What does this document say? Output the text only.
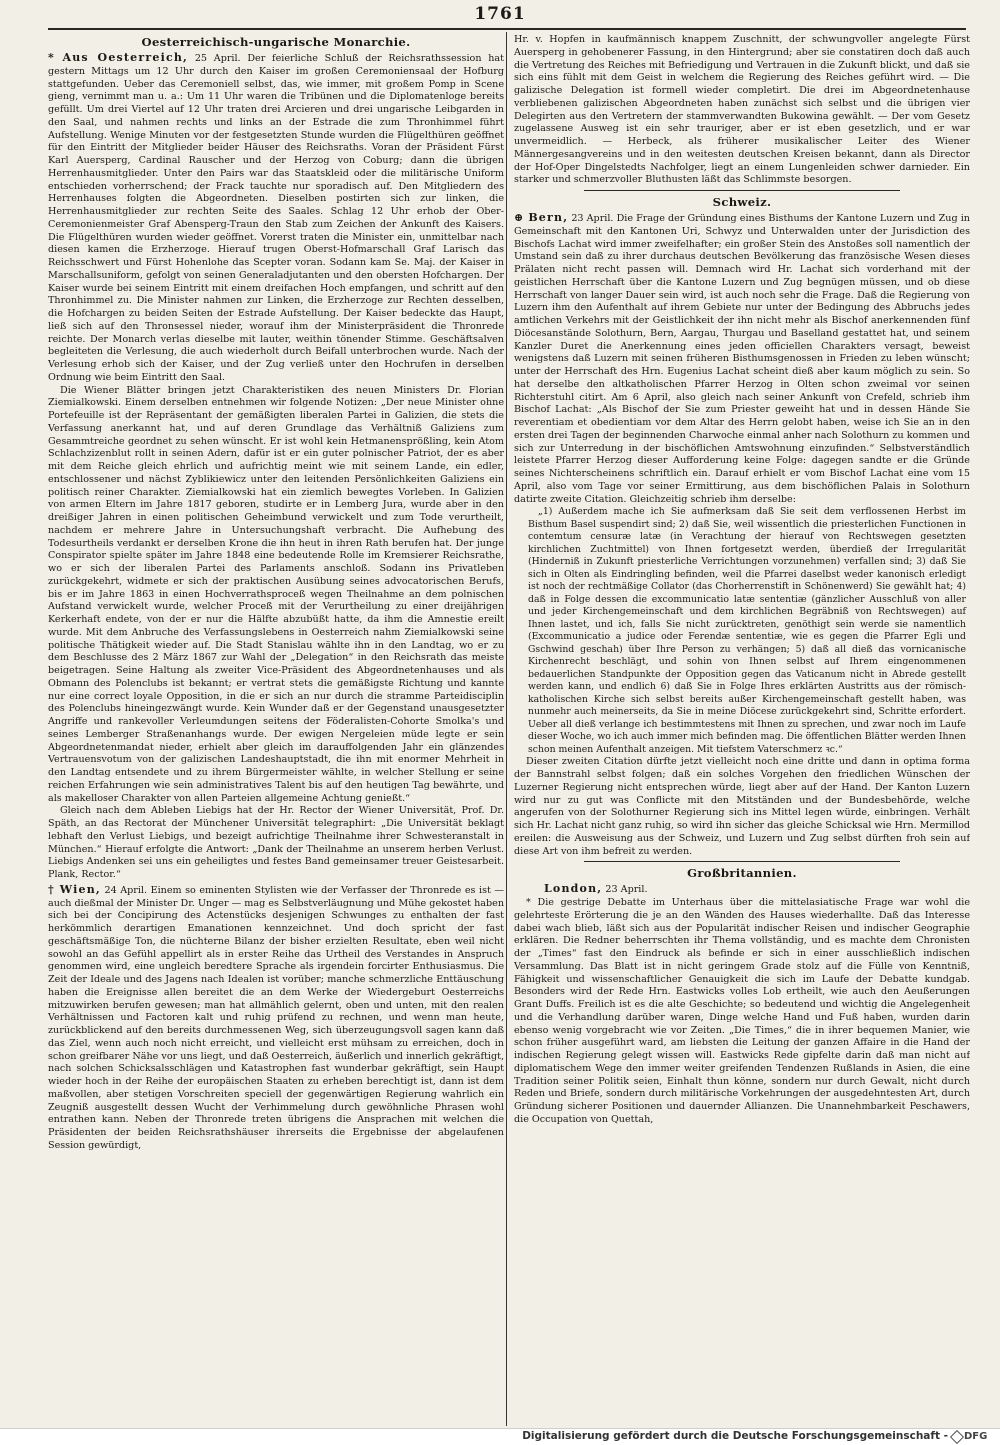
1761
Oesterreichisch-ungarische Monarchie.

* Aus Oesterreich, 25 April. Der feierliche Schluß der Reichsrathssession hat gestern Mittags um 12 Uhr durch den Kaiser im großen Ceremoniensaal der Hofburg stattgefunden. Ueber das Ceremoniell selbst, das, wie immer, mit großem Pomp in Scene gieng, vernimmt man u. a.: Um 11 Uhr waren die Tribünen und die Diplomatenloge bereits gefüllt. Um drei Viertel auf 12 Uhr traten drei Arcieren und drei ungarische Leibgarden in den Saal, und nahmen rechts und links an der Estrade die zum Thronhimmel führt Aufstellung. Wenige Minuten vor der festgesetzten Stunde wurden die Flügelthüren geöffnet für den Eintritt der Mitglieder beider Häuser des Reichsraths. Voran der Präsident Fürst Karl Auersperg, Cardinal Rauscher und der Herzog von Coburg; dann die übrigen Herrenhausmitglieder. Unter den Pairs war das Staatskleid oder die militärische Uniform entschieden vorherrschend; der Frack tauchte nur sporadisch auf. Den Mitgliedern des Herrenhauses folgten die Abgeordneten. Dieselben postirten sich zur linken, die Herrenhausmitglieder zur rechten Seite des Saales. Schlag 12 Uhr erhob der Ober-Ceremonienmeister Graf Abensperg-Traun den Stab zum Zeichen der Ankunft des Kaisers. Die Flügelthüren wurden wieder geöffnet. Vorerst traten die Minister ein, unmittelbar nach diesen kamen die Erzherzoge. Hierauf trugen Oberst-Hofmarschall Graf Larisch das Reichsschwert und Fürst Hohenlohe das Scepter voran. Sodann kam Se. Maj. der Kaiser in Marschallsuniform, gefolgt von seinen Generaladjutanten und den obersten Hofchargen. Der Kaiser wurde bei seinem Eintritt mit einem dreifachen Hoch empfangen, und schritt auf den Thronhimmel zu. Die Minister nahmen zur Linken, die Erzherzoge zur Rechten desselben, die Hofchargen zu beiden Seiten der Estrade Aufstellung. Der Kaiser bedeckte das Haupt, ließ sich auf den Thronsessel nieder, worauf ihm der Ministerpräsident die Thronrede reichte. Der Monarch verlas dieselbe mit lauter, weithin tönender Stimme. Geschäftsalven begleiteten die Verlesung, die auch wiederholt durch Beifall unterbrochen wurde. Nach der Verlesung erhob sich der Kaiser, und der Zug verließ unter den Hochrufen in derselben Ordnung wie beim Eintritt den Saal.

Die Wiener Blätter bringen jetzt Charakteristiken des neuen Ministers Dr. Florian Ziemialkowski. Einem derselben entnehmen wir folgende Notizen: „Der neue Minister ohne Portefeuille ist der Repräsentant der gemäßigten liberalen Partei in Galizien, die stets die Verfassung anerkannt hat, und auf deren Grundlage das Verhältniß Galiziens zum Gesammtreiche geordnet zu sehen wünscht. Er ist wohl kein Hetmanensprößling, kein Atom Schlachzizenblut rollt in seinen Adern, dafür ist er ein guter polnischer Patriot, der es aber mit dem Reiche gleich ehrlich und aufrichtig meint wie mit seinem Lande, ein edler, entschlossener und nächst Zyblikiewicz unter den leitenden Persönlichkeiten Galiziens ein politisch reiner Charakter. Ziemialkowski hat ein ziemlich bewegtes Vorleben. In Galizien von armen Eltern im Jahre 1817 geboren, studirte er in Lemberg Jura, wurde aber in den dreißiger Jahren in einen politischen Geheimbund verwickelt und zum Tode verurtheilt, nachdem er mehrere Jahre in Untersuchungshaft verbracht. Die Aufhebung des Todesurtheils verdankt er derselben Krone die ihn heut in ihren Rath berufen hat. Der junge Conspirator spielte später im Jahre 1848 eine bedeutende Rolle im Kremsierer Reichsrathe, wo er sich der liberalen Partei des Parlaments anschloß. Sodann ins Privatleben zurückgekehrt, widmete er sich der praktischen Ausübung seines advocatorischen Berufs, bis er im Jahre 1863 in einen Hochverrathsproceß wegen Theilnahme an dem polnischen Aufstand verwickelt wurde, welcher Proceß mit der Verurtheilung zu einer dreijährigen Kerkerhaft endete, von der er nur die Hälfte abzubüßt hatte, da ihm die Amnestie ereilt wurde. Mit dem Anbruche des Verfassungslebens in Oesterreich nahm Ziemialkowski seine politische Thätigkeit wieder auf. Die Stadt Stanislau wählte ihn in den Landtag, wo er zu dem Beschlusse des 2 März 1867 zur Wahl der „Delegation“ in den Reichsrath das meiste beigetragen. Seine Haltung als zweiter Vice-Präsident des Abgeordnetenhauses und als Obmann des Polenclubs ist bekannt; er vertrat stets die gemäßigste Richtung und kannte nur eine correct loyale Opposition, in die er sich an nur durch die stramme Parteidisciplin des Polenclubs hineingezwängt wurde. Kein Wunder daß er der Gegenstand unausgesetzter Angriffe und rankevoller Verleumdungen seitens der Föderalisten-Cohorte Smolka's und seines Lemberger Straßenanhangs wurde. Der ewigen Nergeleien müde legte er sein Abgeordnetenmandat nieder, erhielt aber gleich im darauffolgenden Jahr ein glänzendes Vertrauensvotum von der galizischen Landeshauptstadt, die ihn mit enormer Mehrheit in den Landtag entsendete und zu ihrem Bürgermeister wählte, in welcher Stellung er seine reichen Erfahrungen wie sein administratives Talent bis auf den heutigen Tag bewährte, und als makelloser Charakter von allen Parteien allgemeine Achtung genießt.“

Gleich nach dem Ableben Liebigs hat der Hr. Rector der Wiener Universität, Prof. Dr. Späth, an das Rectorat der Münchener Universität telegraphirt: „Die Universität beklagt lebhaft den Verlust Liebigs, und bezeigt aufrichtige Theilnahme ihrer Schwesteranstalt in München.“ Hierauf erfolgte die Antwort: „Dank der Theilnahme an unserem herben Verlust. Liebigs Andenken sei uns ein geheiligtes und festes Band gemeinsamer treuer Geistesarbeit. Plank, Rector.“

† Wien, 24 April. Einem so eminenten Stylisten wie der Verfasser der Thronrede es ist — auch dießmal der Minister Dr. Unger — mag es Selbstverläugnung und Mühe gekostet haben sich bei der Concipirung des Actenstücks desjenigen Schwunges zu enthalten der fast herkömmlich derartigen Emanationen kennzeichnet. Und doch spricht der fast geschäftsmäßige Ton, die nüchterne Bilanz der bisher erzielten Resultate, eben weil nicht sowohl an das Gefühl appellirt als in erster Reihe das Urtheil des Verstandes in Anspruch genommen wird, eine ungleich beredtere Sprache als irgendein forcirter Enthusiasmus. Die Zeit der Ideale und des Jagens nach Idealen ist vorüber; manche schmerzliche Enttäuschung haben die Ereignisse allen bereitet die an dem Werke der Wiedergeburt Oesterreichs mitzuwirken berufen gewesen; man hat allmählich gelernt, oben und unten, mit den realen Verhältnissen und Factoren kalt und ruhig prüfend zu rechnen, und wenn man heute, zurückblickend auf den bereits durchmessenen Weg, sich überzeugungsvoll sagen kann daß das Ziel, wenn auch noch nicht erreicht, und vielleicht erst mühsam zu erreichen, doch in schon greifbarer Nähe vor uns liegt, und daß Oesterreich, äußerlich und innerlich gekräftigt, nach solchen Schicksalsschlägen und Katastrophen fast wunderbar gekräftigt, sein Haupt wieder hoch in der Reihe der europäischen Staaten zu erheben berechtigt ist, dann ist dem maßvollen, aber stetigen Vorschreiten speciell der gegenwärtigen Regierung wahrlich ein Zeugniß ausgestellt dessen Wucht der Verhimmelung durch gewöhnliche Phrasen wohl entrathen kann. Neben der Thronrede treten übrigens die Ansprachen mit welchen die Präsidenten der beiden Reichsrathshäuser ihrerseits die Ergebnisse der abgelaufenen Session gewürdigt,

Hr. v. Hopfen in kaufmännisch knappem Zuschnitt, der schwungvoller angelegte Fürst Auersperg in gehobenerer Fassung, in den Hintergrund; aber sie constatiren doch daß auch die Vertretung des Reiches mit Befriedigung und Vertrauen in die Zukunft blickt, und daß sie sich eins fühlt mit dem Geist in welchem die Regierung des Reiches geführt wird. — Die galizische Delegation ist formell wieder completirt. Die drei im Abgeordnetenhause verbliebenen galizischen Abgeordneten haben zunächst sich selbst und die übrigen vier Delegirten aus den Vertretern der stammverwandten Bukowina gewählt. — Der vom Gesetz zugelassene Ausweg ist ein sehr trauriger, aber er ist eben gesetzlich, und er war unvermeidlich. — Herbeck, als früherer musikalischer Leiter des Wiener Männergesangvereins und in den weitesten deutschen Kreisen bekannt, dann als Director der Hof-Oper Dingelstedts Nachfolger, liegt an einem Lungenleiden schwer darnieder. Ein starker und schmerzvoller Bluthusten läßt das Schlimmste besorgen.

Schweiz.

⊕ Bern, 23 April. Die Frage der Gründung eines Bisthums der Kantone Luzern und Zug in Gemeinschaft mit den Kantonen Uri, Schwyz und Unterwalden unter der Jurisdiction des Bischofs Lachat wird immer zweifelhafter; ein großer Stein des Anstoßes soll namentlich der Umstand sein daß zu ihrer durchaus deutschen Bevölkerung das französische Wesen dieses Prälaten nicht recht passen will. Demnach wird Hr. Lachat sich vorderhand mit der geistlichen Herrschaft über die Kantone Luzern und Zug begnügen müssen, und ob diese Herrschaft von langer Dauer sein wird, ist auch noch sehr die Frage. Daß die Regierung von Luzern ihm den Aufenthalt auf ihrem Gebiete nur unter der Bedingung des Abbruchs jedes amtlichen Verkehrs mit der Geistlichkeit der ihn nicht mehr als Bischof anerkennenden fünf Diöcesanstände Solothurn, Bern, Aargau, Thurgau und Baselland gestattet hat, und seinem Kanzler Duret die Anerkennung eines jeden officiellen Charakters versagt, beweist wenigstens daß Luzern mit seinen früheren Bisthumsgenossen in Frieden zu leben wünscht; unter der Herrschaft des Hrn. Eugenius Lachat scheint dieß aber kaum möglich zu sein. So hat derselbe den altkatholischen Pfarrer Herzog in Olten schon zweimal vor seinen Richterstuhl citirt. Am 6 April, also gleich nach seiner Ankunft von Crefeld, schrieb ihm Bischof Lachat: „Als Bischof der Sie zum Priester geweiht hat und in dessen Hände Sie reverentiam et obedientiam vor dem Altar des Herrn gelobt haben, weise ich Sie an in den ersten drei Tagen der beginnenden Charwoche einmal anher nach Solothurn zu kommen und sich zur Unterredung in der bischöflichen Amtswohnung einzufinden.“ Selbstverständlich leistete Pfarrer Herzog dieser Aufforderung keine Folge: dagegen sandte er die Gründe seines Nichterscheinens schriftlich ein. Darauf erhielt er vom Bischof Lachat eine vom 15 April, also vom Tage vor seiner Ermittirung, aus dem bischöflichen Palais in Solothurn datirte zweite Citation. Gleichzeitig schrieb ihm derselbe:

„1) Außerdem mache ich Sie aufmerksam daß Sie seit dem verflossenen Herbst im Bisthum Basel suspendirt sind; 2) daß Sie, weil wissentlich die priesterlichen Functionen in contemtum censuræ latæ (in Verachtung der hierauf von Rechtswegen gesetzten kirchlichen Zuchtmittel) von Ihnen fortgesetzt werden, überdieß der Irregularität (Hinderniß in Zukunft priesterliche Verrichtungen vorzunehmen) verfallen sind; 3) daß Sie sich in Olten als Eindringling befinden, weil die Pfarrei daselbst weder kanonisch erledigt ist noch der rechtmäßige Collator (das Chorherrenstift in Schönenwerd) Sie gewählt hat; 4) daß in Folge dessen die excommunicatio latæ sententiæ (gänzlicher Ausschluß von aller und jeder Kirchengemeinschaft und dem kirchlichen Begräbniß von Rechtswegen) auf Ihnen lastet, und ich, falls Sie nicht zurücktreten, genöthigt sein werde sie namentlich (Excommunicatio a judice oder Ferendæ sententiæ, wie es gegen die Pfarrer Egli und Gschwind geschah) über Ihre Person zu verhängen; 5) daß all dieß das vornicanische Kirchenrecht beschlägt, und sohin von Ihnen selbst auf Ihrem eingenommenen bedauerlichen Standpunkte der Opposition gegen das Vaticanum nicht in Abrede gestellt werden kann, und endlich 6) daß Sie in Folge Ihres erklärten Austritts aus der römisch-katholischen Kirche sich selbst bereits außer Kirchengemeinschaft gestellt haben, was nunmehr auch meinerseits, da Sie in meine Diöcese zurückgekehrt sind, Schritte erfordert. Ueber all dieß verlange ich bestimmtestens mit Ihnen zu sprechen, und zwar noch im Laufe dieser Woche, wo ich auch immer mich befinden mag. Die öffentlichen Blätter werden Ihnen schon meinen Aufenthalt anzeigen. Mit tiefstem Vaterschmerz ꝛc.“

Dieser zweiten Citation dürfte jetzt vielleicht noch eine dritte und dann in optima forma der Bannstrahl selbst folgen; daß ein solches Vorgehen den friedlichen Wünschen der Luzerner Regierung nicht entsprechen würde, liegt aber auf der Hand. Der Kanton Luzern wird nur zu gut was Conflicte mit den Mitständen und der Bundesbehörde, welche angerufen von der Solothurner Regierung sich ins Mittel legen würde, einbringen. Verhält sich Hr. Lachat nicht ganz ruhig, so wird ihn sicher das gleiche Schicksal wie Hrn. Mermillod ereilen: die Ausweisung aus der Schweiz, und Luzern und Zug selbst dürften froh sein auf diese Art von ihm befreit zu werden.

Großbritannien.

London, 23 April.

* Die gestrige Debatte im Unterhaus über die mittelasiatische Frage war wohl die gelehrteste Erörterung die je an den Wänden des Hauses wiederhallte. Daß das Interesse dabei wach blieb, läßt sich aus der Popularität indischer Reisen und indischer Geographie erklären. Die Redner beherrschten ihr Thema vollständig, und es machte dem Chronisten der „Times“ fast den Eindruck als befinde er sich in einer ausschließlich indischen Versammlung. Das Blatt ist in nicht geringem Grade stolz auf die Fülle von Kenntniß, Fähigkeit und wissenschaftlicher Genauigkeit die sich im Laufe der Debatte kundgab. Besonders wird der Rede Hrn. Eastwicks volles Lob ertheilt, wie auch den Aeußerungen Grant Duffs. Freilich ist es die alte Geschichte; so bedeutend und wichtig die Angelegenheit und die Verhandlung darüber waren, Dinge welche Hand und Fuß haben, wurden darin ebenso wenig vorgebracht wie vor Zeiten. „Die Times,“ die in ihrer bequemen Manier, wie schon früher ausgeführt ward, am liebsten die Leitung der ganzen Affaire in die Hand der indischen Regierung gelegt wissen will. Eastwicks Rede gipfelte darin daß man nicht auf diplomatischem Wege den immer weiter greifenden Tendenzen Rußlands in Asien, die eine Tradition seiner Politik seien, Einhalt thun könne, sondern nur durch Gewalt, nicht durch Reden und Briefe, sondern durch militärische Vorkehrungen der ausgedehntesten Art, durch Gründung sicherer Positionen und dauernder Allianzen. Die Unannehmbarkeit Peschawers, die Occupation von Quettah,

Digitalisierung gefördert durch die Deutsche Forschungsgemeinschaft - DFG
